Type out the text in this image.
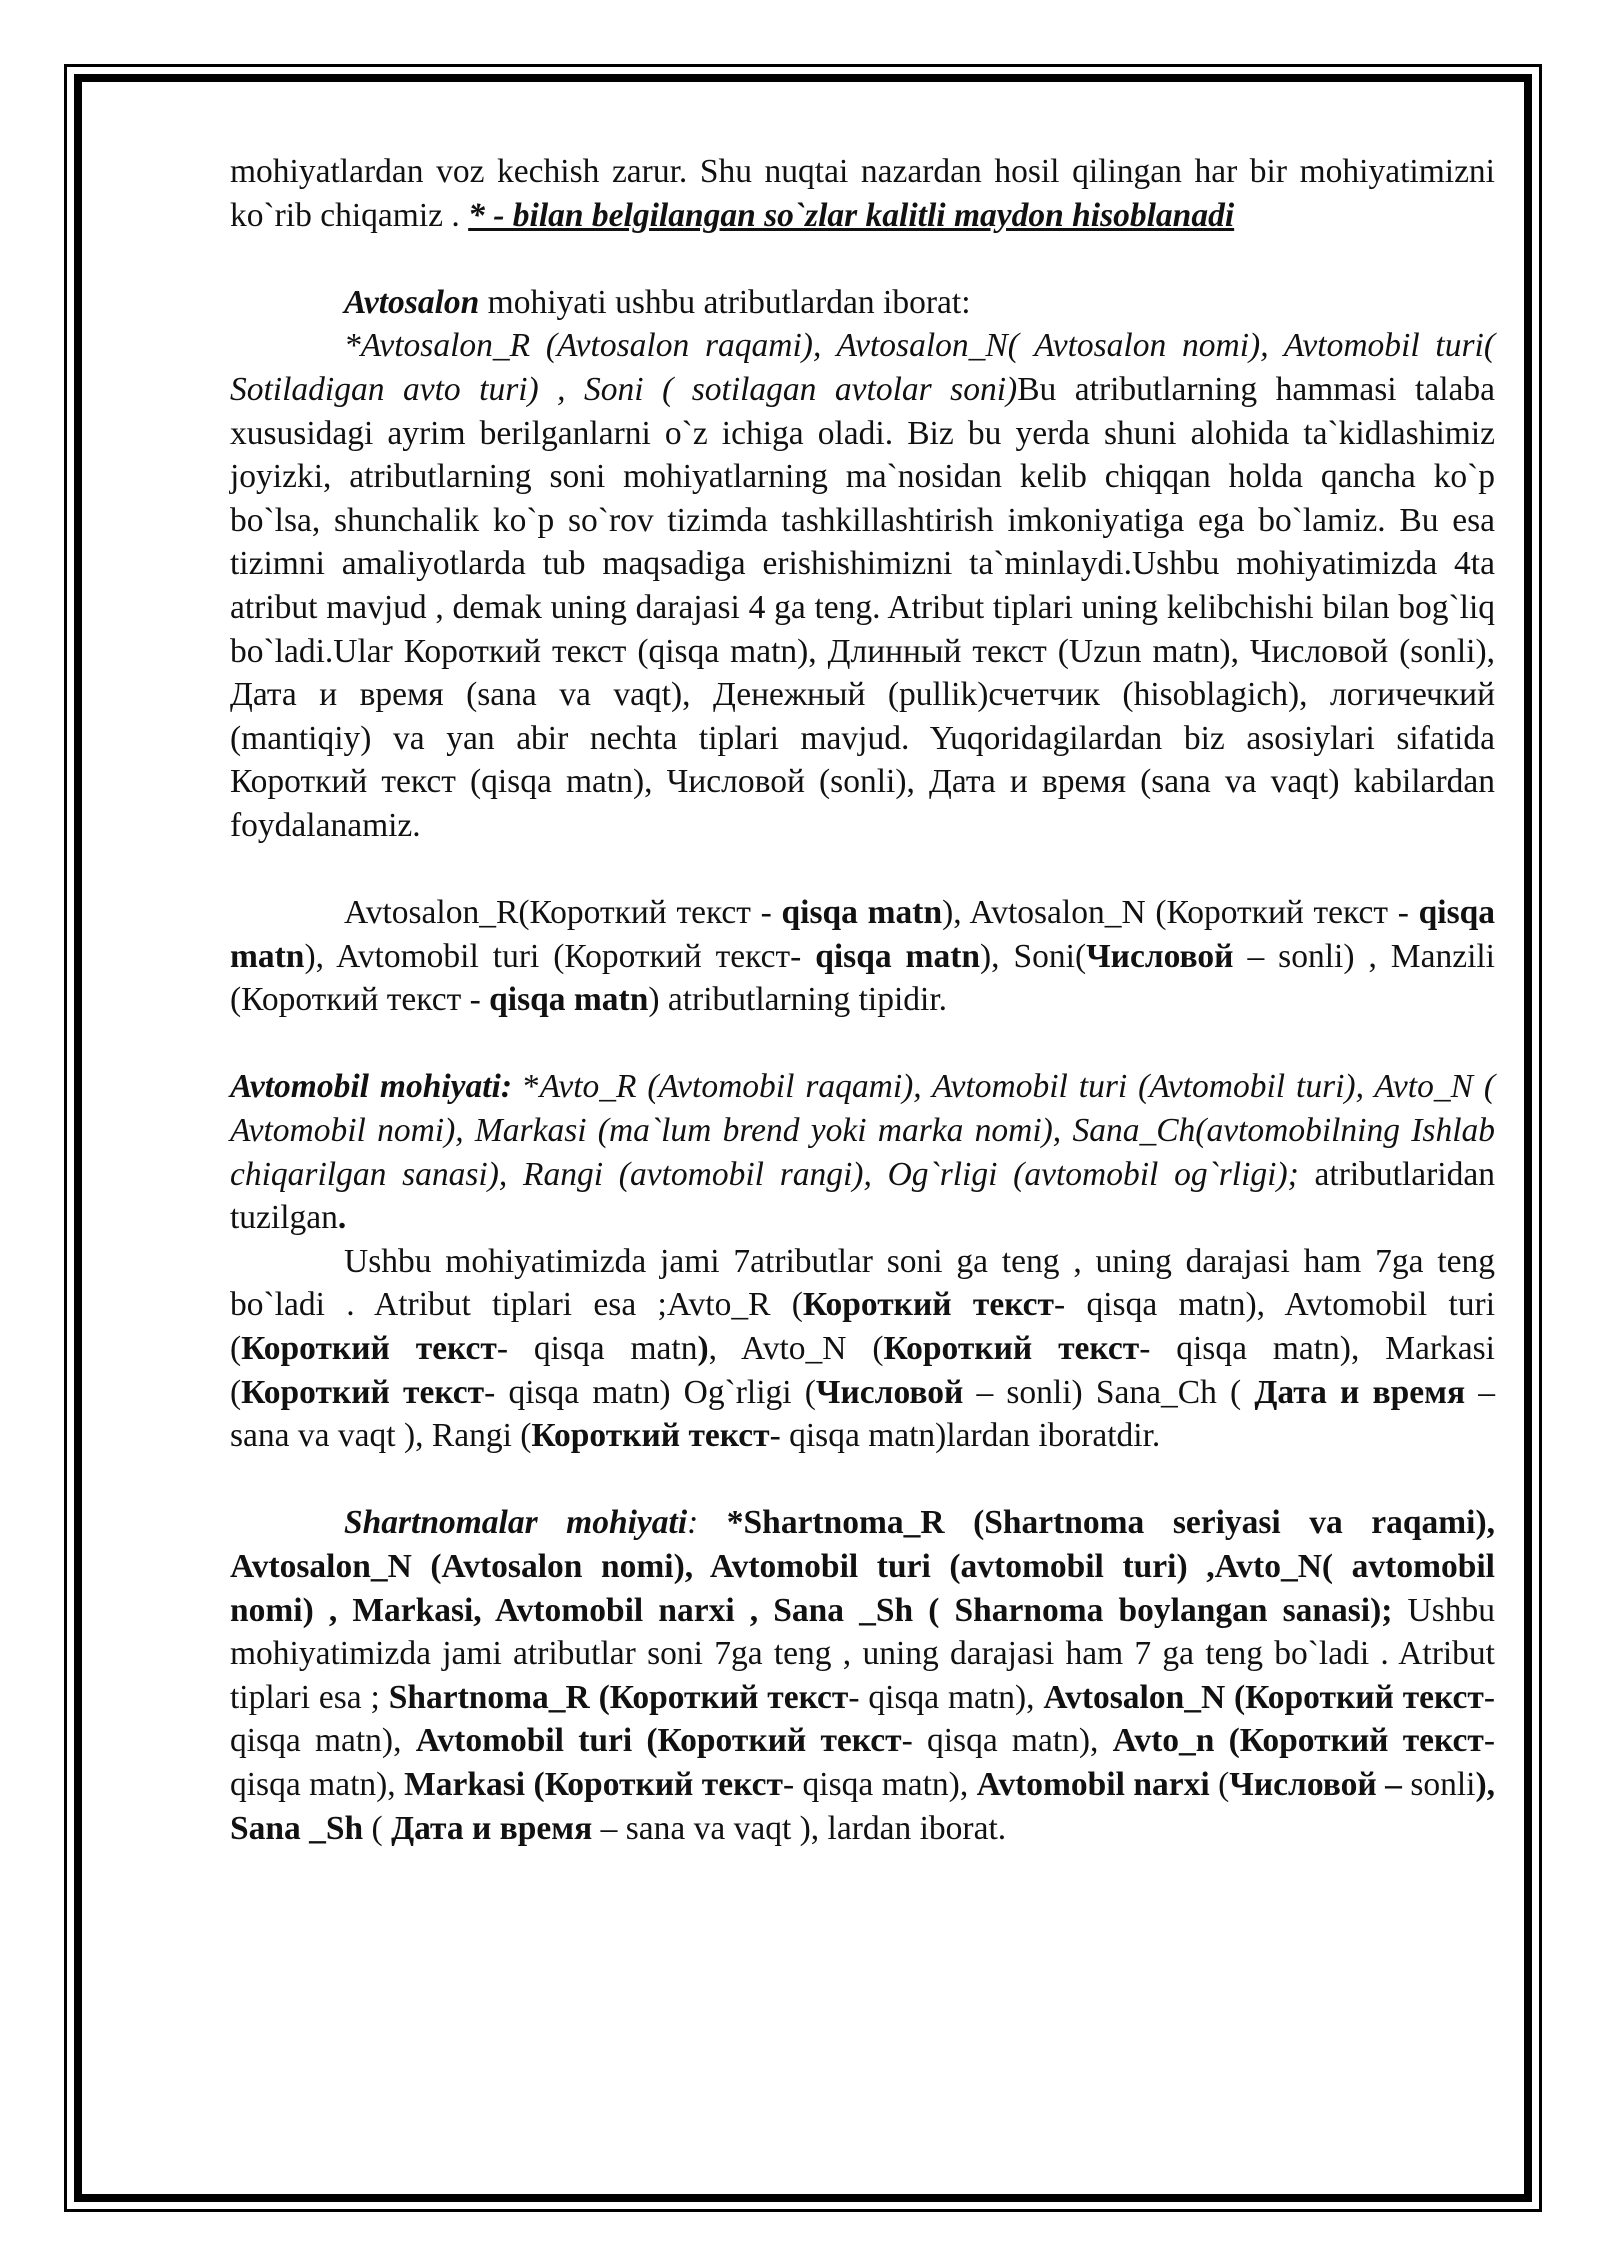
mohiyatlardan voz kechish zarur. Shu nuqtai nazardan hosil qilingan har bir mohiyatimizni ko`rib chiqamiz . * - bilan belgilangan so`zlar kalitli maydon hisoblanadi

Avtosalon mohiyati ushbu atributlardan iborat:

*Avtosalon_R (Avtosalon raqami), Avtosalon_N( Avtosalon nomi), Avtomobil turi( Sotiladigan avto turi) , Soni ( sotilagan avtolar soni)Bu atributlarning hammasi talaba xususidagi ayrim berilganlarni o`z ichiga oladi. Biz bu yerda shuni alohida ta`kidlashimiz joyizki, atributlarning soni mohiyatlarning ma`nosidan kelib chiqqan holda qancha ko`p bo`lsa, shunchalik ko`p so`rov tizimda tashkillashtirish imkoniyatiga ega bo`lamiz. Bu esa tizimni amaliyotlarda tub maqsadiga erishishimizni ta`minlaydi.Ushbu mohiyatimizda 4ta atribut mavjud , demak uning darajasi 4 ga teng. Atribut tiplari uning kelibchishi bilan bog`liq bo`ladi.Ular Короткий текст (qisqa matn), Длинный текст (Uzun matn), Числовой (sonli), Дата и время (sana va vaqt), Денежный (pullik)счетчик (hisoblagich), логичечкий (mantiqiy) va yan abir nechta tiplari mavjud. Yuqoridagilardan biz asosiylari sifatida Короткий текст (qisqa matn), Числовой (sonli), Дата и время (sana va vaqt) kabilardan foydalanamiz.

Avtosalon_R(Короткий текст - qisqa matn), Avtosalon_N (Короткий текст - qisqa matn), Avtomobil turi (Короткий текст- qisqa matn), Soni(Числовой – sonli) , Manzili (Короткий текст - qisqa matn) atributlarning tipidir.

Avtomobil mohiyati: *Avto_R (Avtomobil raqami), Avtomobil turi (Avtomobil turi), Avto_N ( Avtomobil nomi), Markasi (ma`lum brend yoki marka nomi), Sana_Ch(avtomobilning Ishlab chiqarilgan sanasi), Rangi (avtomobil rangi), Og`rligi (avtomobil og`rligi); atributlaridan tuzilgan.

Ushbu mohiyatimizda jami 7atributlar soni ga teng , uning darajasi ham 7ga teng bo`ladi . Atribut tiplari esa ;Avto_R (Короткий текст- qisqa matn), Avtomobil turi (Короткий текст- qisqa matn), Avto_N (Короткий текст- qisqa matn), Markasi (Короткий текст- qisqa matn) Og`rligi (Числовой – sonli) Sana_Ch ( Дата и время – sana va vaqt ), Rangi (Короткий текст- qisqa matn)lardan iboratdir.

Shartnomalar mohiyati: *Shartnoma_R (Shartnoma seriyasi va raqami), Avtosalon_N (Avtosalon nomi), Avtomobil turi (avtomobil turi) ,Avto_N( avtomobil nomi) , Markasi, Avtomobil narxi , Sana _Sh ( Sharnoma boylangan sanasi); Ushbu mohiyatimizda jami atributlar soni 7ga teng , uning darajasi ham 7 ga teng bo`ladi . Atribut tiplari esa ; Shartnoma_R (Короткий текст- qisqa matn), Avtosalon_N (Короткий текст- qisqa matn), Avtomobil turi (Короткий текст- qisqa matn), Avto_n (Короткий текст- qisqa matn), Markasi (Короткий текст- qisqa matn), Avtomobil narxi (Числовой – sonli), Sana _Sh ( Дата и время – sana va vaqt ), lardan iborat.
